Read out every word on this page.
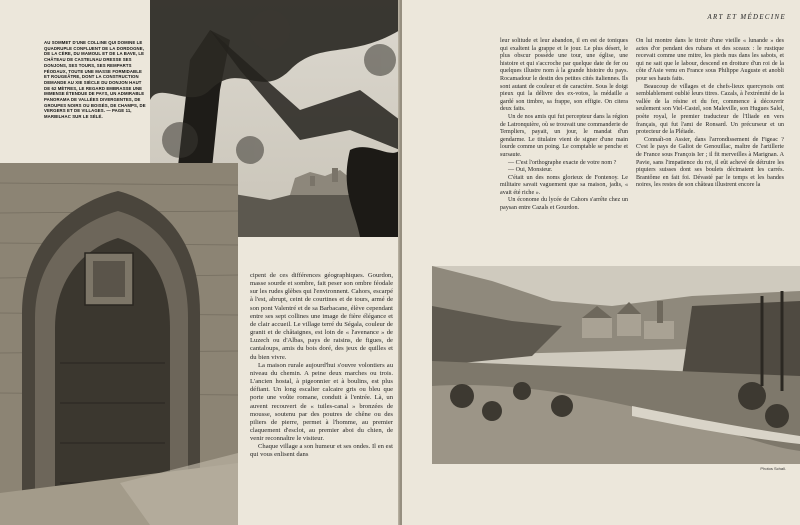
AU SOMMET D'UNE COLLINE QUI DOMINE LE QUADRUPLE CONFLUENT DE LA DORDOGNE, DE LA CÈRE, DU MAMOUL ET DE LA BAVE, LE CHÂTEAU DE CASTELNAU DRESSE SES DONJONS, SES TOURS, SES REMPARTS FÉODAUX, TOUTE UNE MASSE FORMIDABLE ET ROUGEÂTRE, DONT LA CONSTRUCTION DEMANDE AU XIE SIÈCLE DU DONJON HAUT DE 62 MÈTRES, LE REGARD EMBRASSE UNE IMMENSE ÉTENDUE DE PAYS, UN ADMIRABLE PANORAMA DE VALLÉES DIVERGENTES, DE GROUPES NOIRS OU BOISÉS, DE CHAMPS, DE VERGERS ET DE VILLAGES. — PAGE 11, MARBILHAC SUR LE SÉLÉ.

cipent de ces différences géographiques. Gourdon, masse sourde et sombre, fait peser son ombre féodale sur les rudes glèbes qui l'environnent. Cahors, escarpé à l'est, abrupt, ceint de courtines et de tours, armé de son pont Valentré et de sa Barbacane, élève cependant entre ses sept collines une image de fière élégance et de clair accueil. Le village terré du Ségala, couleur de granit et de châtaignes, est loin de « l'avenance » de Luzech ou d'Albas, pays de raisins, de figues, de cantaloups, amis du bois doré, des jeux de quilles et du bien vivre.

La maison rurale aujourd'hui s'ouvre volontiers au niveau du chemin. A peine deux marches ou trois. L'ancien hostal, à pigeonnier et à boulins, est plus défiant. Un long escalier calcaire gris ou bleu que porte une voûte romane, conduit à l'entrée. Là, un auvent recouvert de « tuiles-canal » bronzées de mousse, soutenu par des poutres de chêne ou des piliers de pierre, permet à l'homme, au premier claquement d'esclot, au premier aboi du chien, de venir reconnaître le visiteur.

Chaque village a son humeur et ses ondes. Il en est qui vous enlisent dans

ART ET MÉDECINE

leur solitude et leur abandon, il en est de toniques qui exaltent la grappe et le jour. Le plus désert, le plus obscur possède une tour, une église, une histoire et qui s'accroche par quelque date de fer ou quelques illustre nom à la grande histoire du pays. Rocamadour le destin des petites cités italiennes. Ils sont autant de couleur et de caractère. Sous le doigt pieux qui la délivre des ex-votos, la médaille a gardé son timbre, sa frappe, son effigie. On citera deux faits.

Un de nos amis qui fut percepteur dans la région de Latronquière, où se trouvait une commanderie de Templiers, payait, un jour, le mandat d'un gendarme. Le titulaire vient de signer d'une main lourde comme un poing. Le comptable se penche et sursaute.

— C'est l'orthographe exacte de votre nom ?

— Oui, Monsieur.

C'était un des noms glorieux de Fontenoy. Le militaire savait vaguement que sa maison, jadis, « avait été riche ».

Un économe du lycée de Cahors s'arrête chez un paysan entre Cazals et Gourdon.

On lui montre dans le tiroir d'une vieille « lunande » des actes d'or pendant des rubans et des sceaux : le rustique recevait comme une mitre, les pieds nus dans les sabots, et qui ne sait que le labour, descend en droiture d'un roi de la côte d'Asie venu en France sous Philippe Auguste et anobli pour ses hauts faits.

Beaucoup de villages et de chefs-lieux quercynois ont semblablement oublié leurs titres. Cazals, à l'extrémité de la vallée de la résine et du fer, commence à découvrir seulement son Viel-Castel, son Maleville, son Hugues Salel, poète royal, le premier traducteur de l'Iliade en vers français, qui fut l'ami de Ronsard. Un précurseur et un protecteur de la Pléiade.

Connaît-on Assier, dans l'arrondissement de Figeac ? C'est le pays de Galiot de Genouillac, maître de l'artillerie de France sous François Ier ; il fit merveilles à Marignan. A Pavie, sans l'impatience du roi, il eût achevé de détruire les piquiers suisses dont ses boulets décimaient les carrés. Brantôme en fait foi. Dévasté par le temps et les bandes noires, les restes de son château illustrent encore la

Photos Schall.
